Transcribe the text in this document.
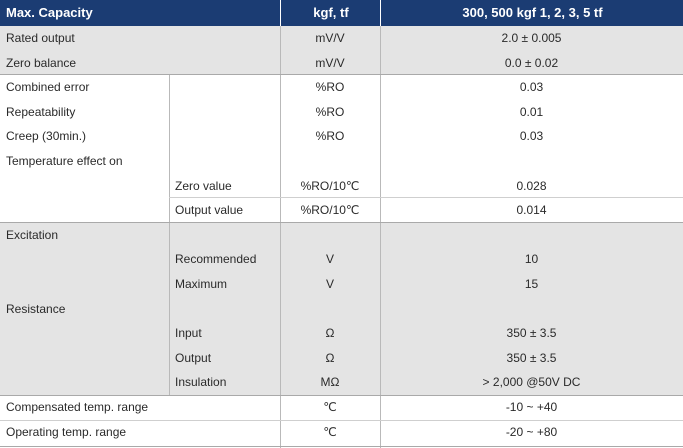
Max. Capacity	kgf, tf	300, 500 kgf 1, 2, 3, 5 tf
Rated output	mV/V	2.0 ± 0.005
Zero balance	mV/V	0.0 ± 0.02
Combined error	%RO	0.03
Repeatability	%RO	0.01
Creep (30min.)	%RO	0.03
Temperature effect on
Zero value	%RO/10℃	0.028
Output value	%RO/10℃	0.014
Excitation
Recommended	V	10
Maximum	V	15
Resistance
Input	Ω	350 ± 3.5
Output	Ω	350 ± 3.5
Insulation	MΩ	> 2,000 @50V DC
Compensated temp. range	℃	-10 ~ +40
Operating temp. range	℃	-20 ~ +80
